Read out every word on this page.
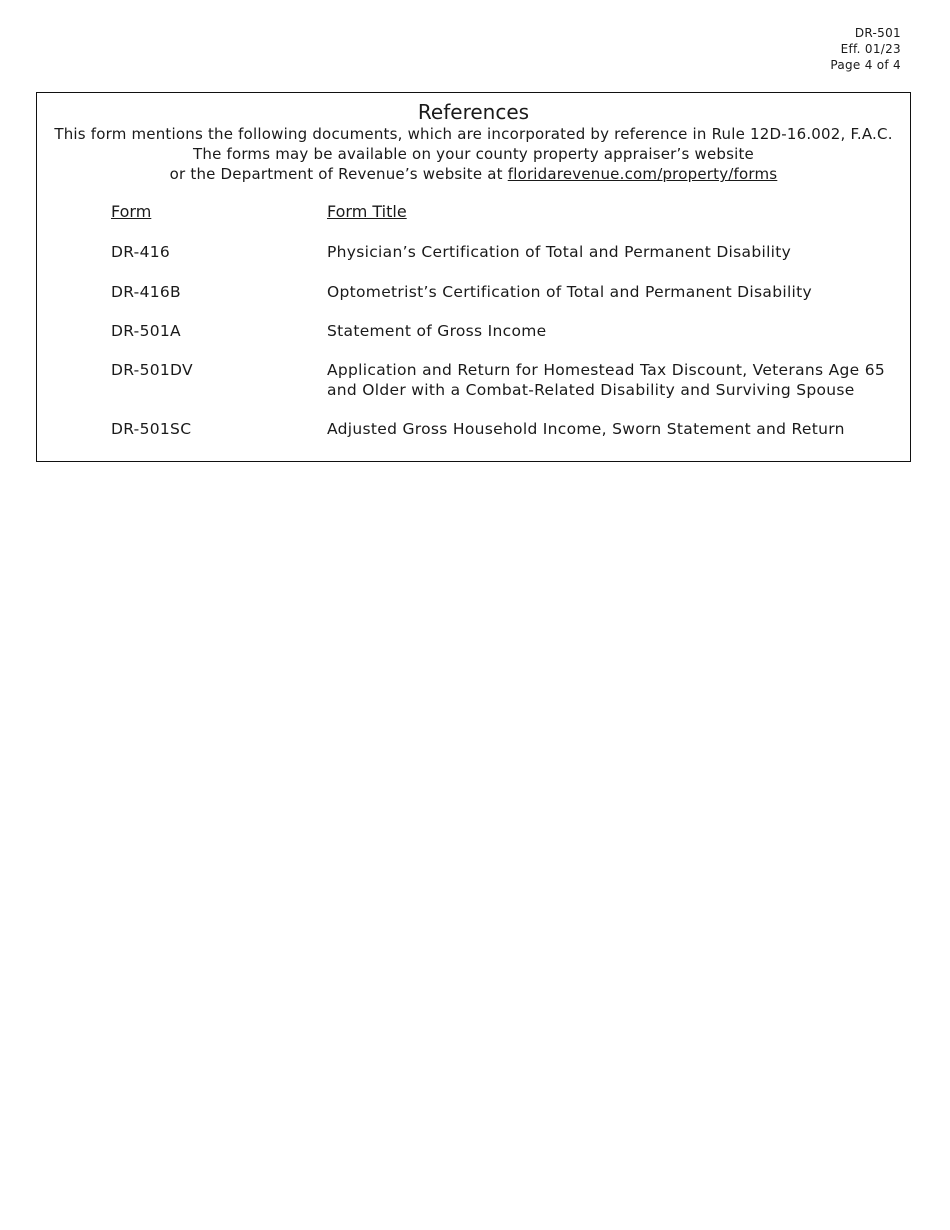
DR-501
Eff. 01/23
Page 4 of 4
References
This form mentions the following documents, which are incorporated by reference in Rule 12D-16.002, F.A.C.
The forms may be available on your county property appraiser’s website
or the Department of Revenue’s website at floridarevenue.com/property/forms
Form	Form Title
DR-416	Physician’s Certification of Total and Permanent Disability
DR-416B	Optometrist’s Certification of Total and Permanent Disability
DR-501A	Statement of Gross Income
DR-501DV	Application and Return for Homestead Tax Discount, Veterans Age 65 and Older with a Combat-Related Disability and Surviving Spouse
DR-501SC	Adjusted Gross Household Income, Sworn Statement and Return
